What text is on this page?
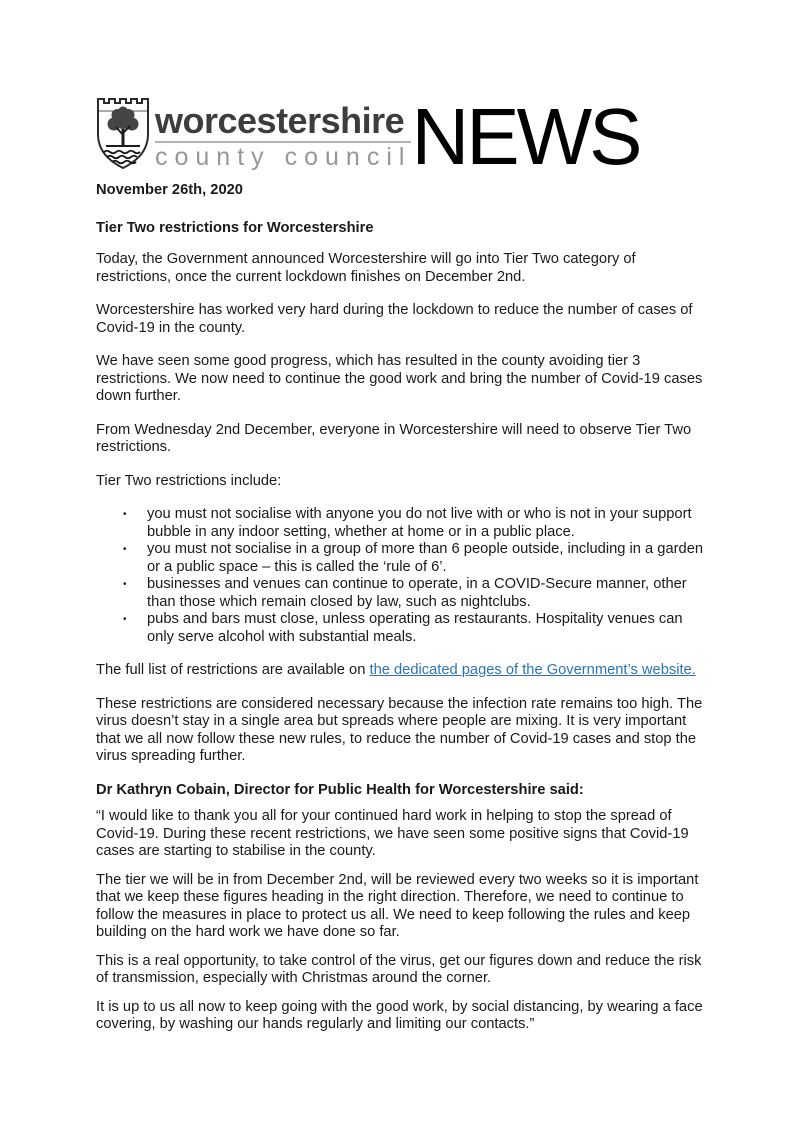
worcestershire
county council NEWS

November 26th, 2020

Tier Two restrictions for Worcestershire

Today, the Government announced Worcestershire will go into Tier Two category of restrictions, once the current lockdown finishes on December 2nd.

Worcestershire has worked very hard during the lockdown to reduce the number of cases of Covid-19 in the county.

We have seen some good progress, which has resulted in the county avoiding tier 3 restrictions. We now need to continue the good work and bring the number of Covid-19 cases down further.

From Wednesday 2nd December, everyone in Worcestershire will need to observe Tier Two restrictions.

Tier Two restrictions include:

•	you must not socialise with anyone you do not live with or who is not in your support bubble in any indoor setting, whether at home or in a public place.
•	you must not socialise in a group of more than 6 people outside, including in a garden or a public space – this is called the ‘rule of 6’.
•	businesses and venues can continue to operate, in a COVID-Secure manner, other than those which remain closed by law, such as nightclubs.
•	pubs and bars must close, unless operating as restaurants. Hospitality venues can only serve alcohol with substantial meals.

The full list of restrictions are available on the dedicated pages of the Government’s website.

These restrictions are considered necessary because the infection rate remains too high. The virus doesn’t stay in a single area but spreads where people are mixing. It is very important that we all now follow these new rules, to reduce the number of Covid-19 cases and stop the virus spreading further.

Dr Kathryn Cobain, Director for Public Health for Worcestershire said:

“I would like to thank you all for your continued hard work in helping to stop the spread of Covid-19. During these recent restrictions, we have seen some positive signs that Covid-19 cases are starting to stabilise in the county.

The tier we will be in from December 2nd, will be reviewed every two weeks so it is important that we keep these figures heading in the right direction. Therefore, we need to continue to follow the measures in place to protect us all. We need to keep following the rules and keep building on the hard work we have done so far.

This is a real opportunity, to take control of the virus, get our figures down and reduce the risk of transmission, especially with Christmas around the corner.

It is up to us all now to keep going with the good work, by social distancing, by wearing a face covering, by washing our hands regularly and limiting our contacts.”
